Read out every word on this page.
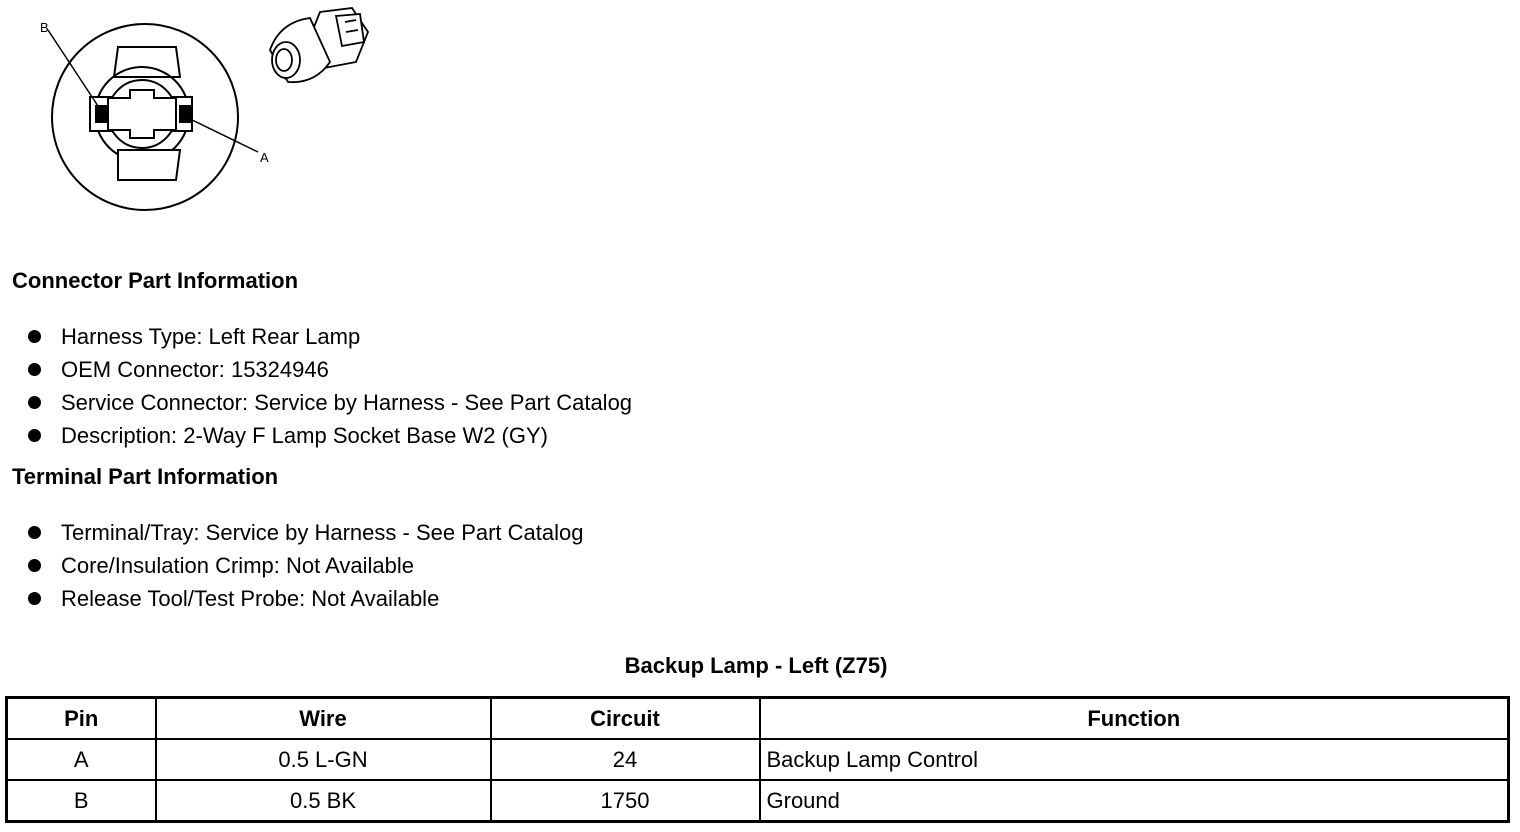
B
A
Connector Part Information
Harness Type: Left Rear Lamp
OEM Connector: 15324946
Service Connector: Service by Harness - See Part Catalog
Description: 2-Way F Lamp Socket Base W2 (GY)
Terminal Part Information
Terminal/Tray: Service by Harness - See Part Catalog
Core/Insulation Crimp: Not Available
Release Tool/Test Probe: Not Available
Backup Lamp - Left (Z75)
Pin	Wire	Circuit	Function
A	0.5 L-GN	24	Backup Lamp Control
B	0.5 BK	1750	Ground
